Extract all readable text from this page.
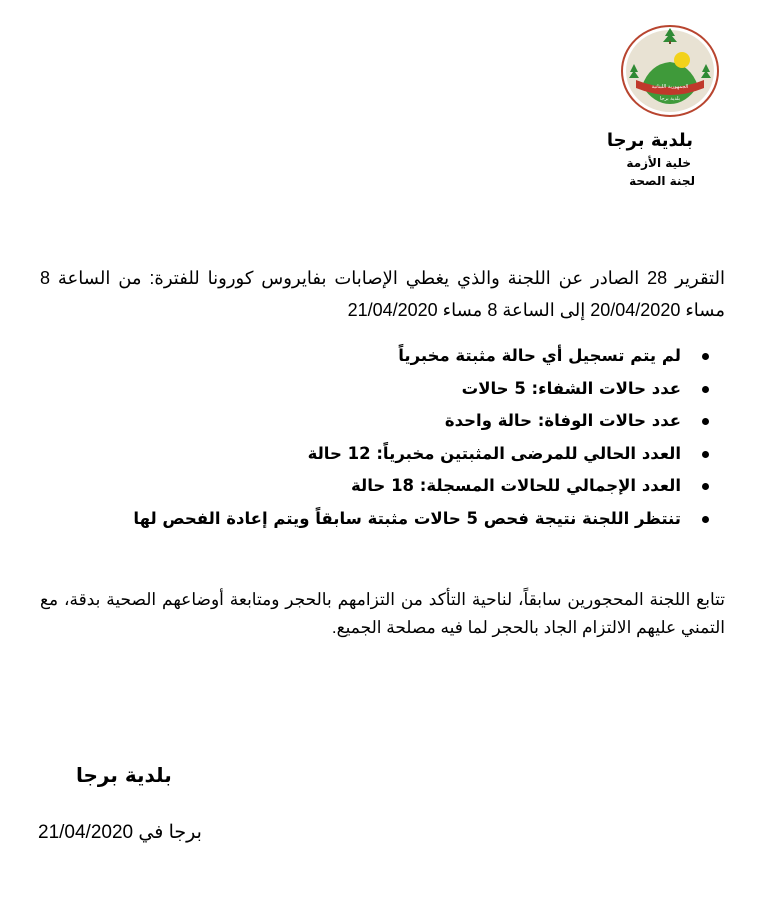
الجمهورية اللبنانية
بلدية برجا
بلدية برجا
خلية الأزمة
لجنة الصحة

التقرير 28 الصادر عن اللجنة والذي يغطي الإصابات بفايروس كورونا للفترة: من الساعة 8 مساء 20/04/2020 إلى الساعة 8 مساء 21/04/2020

لم يتم تسجيل أي حالة مثبتة مخبرياً
عدد حالات الشفاء: 5 حالات
عدد حالات الوفاة: حالة واحدة
العدد الحالي للمرضى المثبتين مخبرياً: 12 حالة
العدد الإجمالي للحالات المسجلة: 18 حالة
تنتظر اللجنة نتيجة فحص 5 حالات مثبتة سابقاً ويتم إعادة الفحص لها

تتابع اللجنة المحجورين سابقاً، لناحية التأكد من التزامهم بالحجر ومتابعة أوضاعهم الصحية بدقة، مع التمني عليهم الالتزام الجاد بالحجر لما فيه مصلحة الجميع.

بلدية برجا
برجا في 21/04/2020
